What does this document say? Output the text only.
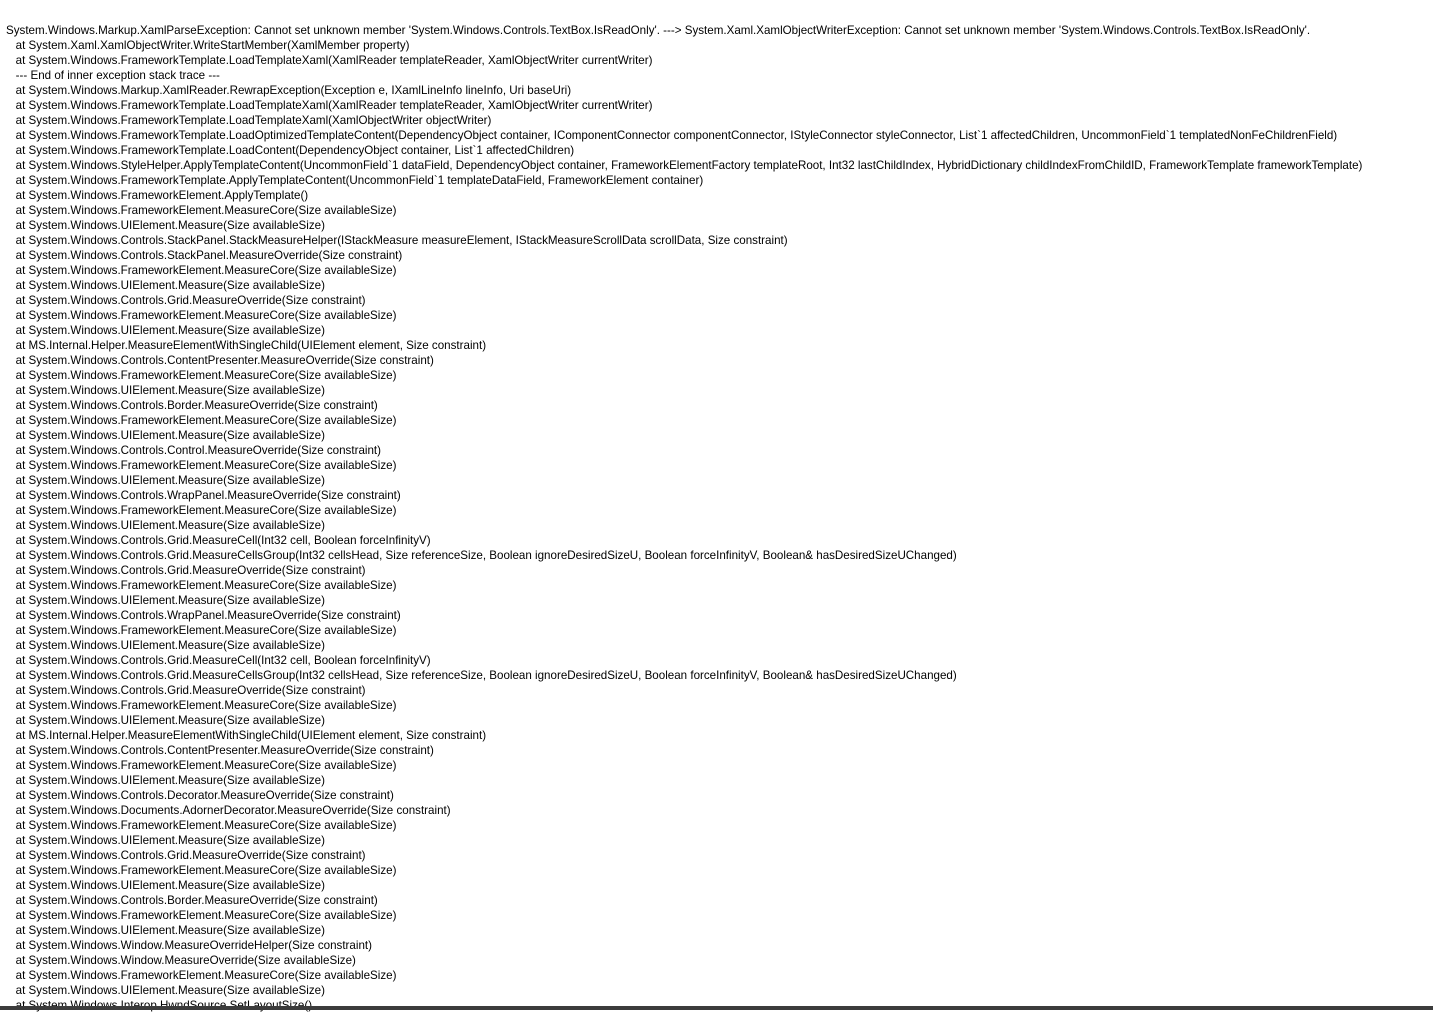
System.Windows.Markup.XamlParseException: Cannot set unknown member 'System.Windows.Controls.TextBox.IsReadOnly'. ---> System.Xaml.XamlObjectWriterException: Cannot set unknown member 'System.Windows.Controls.TextBox.IsReadOnly'.
at System.Xaml.XamlObjectWriter.WriteStartMember(XamlMember property)
at System.Windows.FrameworkTemplate.LoadTemplateXaml(XamlReader templateReader, XamlObjectWriter currentWriter)
--- End of inner exception stack trace ---
at System.Windows.Markup.XamlReader.RewrapException(Exception e, IXamlLineInfo lineInfo, Uri baseUri)
at System.Windows.FrameworkTemplate.LoadTemplateXaml(XamlReader templateReader, XamlObjectWriter currentWriter)
at System.Windows.FrameworkTemplate.LoadTemplateXaml(XamlObjectWriter objectWriter)
at System.Windows.FrameworkTemplate.LoadOptimizedTemplateContent(DependencyObject container, IComponentConnector componentConnector, IStyleConnector styleConnector, List`1 affectedChildren, UncommonField`1 templatedNonFeChildrenField)
at System.Windows.FrameworkTemplate.LoadContent(DependencyObject container, List`1 affectedChildren)
at System.Windows.StyleHelper.ApplyTemplateContent(UncommonField`1 dataField, DependencyObject container, FrameworkElementFactory templateRoot, Int32 lastChildIndex, HybridDictionary childIndexFromChildID, FrameworkTemplate frameworkTemplate)
at System.Windows.FrameworkTemplate.ApplyTemplateContent(UncommonField`1 templateDataField, FrameworkElement container)
at System.Windows.FrameworkElement.ApplyTemplate()
at System.Windows.FrameworkElement.MeasureCore(Size availableSize)
at System.Windows.UIElement.Measure(Size availableSize)
at System.Windows.Controls.StackPanel.StackMeasureHelper(IStackMeasure measureElement, IStackMeasureScrollData scrollData, Size constraint)
at System.Windows.Controls.StackPanel.MeasureOverride(Size constraint)
at System.Windows.FrameworkElement.MeasureCore(Size availableSize)
at System.Windows.UIElement.Measure(Size availableSize)
at System.Windows.Controls.Grid.MeasureOverride(Size constraint)
at System.Windows.FrameworkElement.MeasureCore(Size availableSize)
at System.Windows.UIElement.Measure(Size availableSize)
at MS.Internal.Helper.MeasureElementWithSingleChild(UIElement element, Size constraint)
at System.Windows.Controls.ContentPresenter.MeasureOverride(Size constraint)
at System.Windows.FrameworkElement.MeasureCore(Size availableSize)
at System.Windows.UIElement.Measure(Size availableSize)
at System.Windows.Controls.Border.MeasureOverride(Size constraint)
at System.Windows.FrameworkElement.MeasureCore(Size availableSize)
at System.Windows.UIElement.Measure(Size availableSize)
at System.Windows.Controls.Control.MeasureOverride(Size constraint)
at System.Windows.FrameworkElement.MeasureCore(Size availableSize)
at System.Windows.UIElement.Measure(Size availableSize)
at System.Windows.Controls.WrapPanel.MeasureOverride(Size constraint)
at System.Windows.FrameworkElement.MeasureCore(Size availableSize)
at System.Windows.UIElement.Measure(Size availableSize)
at System.Windows.Controls.Grid.MeasureCell(Int32 cell, Boolean forceInfinityV)
at System.Windows.Controls.Grid.MeasureCellsGroup(Int32 cellsHead, Size referenceSize, Boolean ignoreDesiredSizeU, Boolean forceInfinityV, Boolean& hasDesiredSizeUChanged)
at System.Windows.Controls.Grid.MeasureOverride(Size constraint)
at System.Windows.FrameworkElement.MeasureCore(Size availableSize)
at System.Windows.UIElement.Measure(Size availableSize)
at System.Windows.Controls.WrapPanel.MeasureOverride(Size constraint)
at System.Windows.FrameworkElement.MeasureCore(Size availableSize)
at System.Windows.UIElement.Measure(Size availableSize)
at System.Windows.Controls.Grid.MeasureCell(Int32 cell, Boolean forceInfinityV)
at System.Windows.Controls.Grid.MeasureCellsGroup(Int32 cellsHead, Size referenceSize, Boolean ignoreDesiredSizeU, Boolean forceInfinityV, Boolean& hasDesiredSizeUChanged)
at System.Windows.Controls.Grid.MeasureOverride(Size constraint)
at System.Windows.FrameworkElement.MeasureCore(Size availableSize)
at System.Windows.UIElement.Measure(Size availableSize)
at MS.Internal.Helper.MeasureElementWithSingleChild(UIElement element, Size constraint)
at System.Windows.Controls.ContentPresenter.MeasureOverride(Size constraint)
at System.Windows.FrameworkElement.MeasureCore(Size availableSize)
at System.Windows.UIElement.Measure(Size availableSize)
at System.Windows.Controls.Decorator.MeasureOverride(Size constraint)
at System.Windows.Documents.AdornerDecorator.MeasureOverride(Size constraint)
at System.Windows.FrameworkElement.MeasureCore(Size availableSize)
at System.Windows.UIElement.Measure(Size availableSize)
at System.Windows.Controls.Grid.MeasureOverride(Size constraint)
at System.Windows.FrameworkElement.MeasureCore(Size availableSize)
at System.Windows.UIElement.Measure(Size availableSize)
at System.Windows.Controls.Border.MeasureOverride(Size constraint)
at System.Windows.FrameworkElement.MeasureCore(Size availableSize)
at System.Windows.UIElement.Measure(Size availableSize)
at System.Windows.Window.MeasureOverrideHelper(Size constraint)
at System.Windows.Window.MeasureOverride(Size availableSize)
at System.Windows.FrameworkElement.MeasureCore(Size availableSize)
at System.Windows.UIElement.Measure(Size availableSize)
